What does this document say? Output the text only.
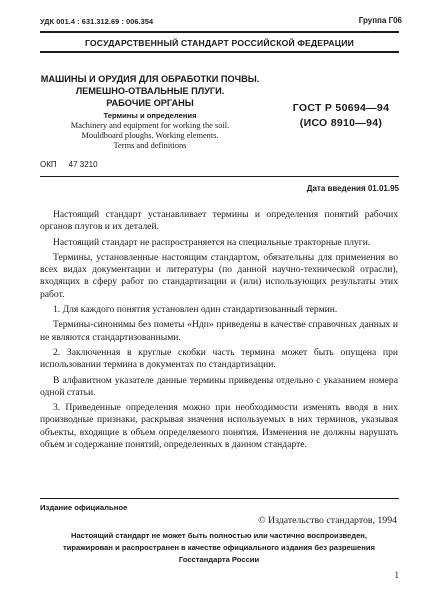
УДК 001.4 : 631.312.69 : 006.354	Группа Г06
ГОСУДАРСТВЕННЫЙ СТАНДАРТ РОССИЙСКОЙ ФЕДЕРАЦИИ
МАШИНЫ И ОРУДИЯ ДЛЯ ОБРАБОТКИ ПОЧВЫ.
ЛЕМЕШНО-ОТВАЛЬНЫЕ ПЛУГИ.
РАБОЧИЕ ОРГАНЫ
Термины и определения
Machinery and equipment for working the soil.
Mouldboard ploughs. Working elements.
Terms and definitions
ГОСТ Р 50694—94
(ИСО 8910—94)
ОКП 47 3210
Дата введения 01.01.95

Настоящий стандарт устанавливает термины и определения понятий рабочих органов плугов и их деталей.

Настоящий стандарт не распространяется на специальные тракторные плуги.

Термины, установленные настоящим стандартом, обязательны для применения во всех видах документации и литературы (по данной научно-технической отрасли), входящих в сферу работ по стандартизации и (или) использующих результаты этих работ.

1. Для каждого понятия установлен один стандартизованный термин.

Термины-синонимы без пометы «Ндп» приведены в качестве справочных данных и не являются стандартизованными.

2. Заключенная в круглые скобки часть термина может быть опущена при использовании термина в документах по стандартизации.

В алфавитном указателе данные термины приведены отдельно с указанием номера одной статьи.

3. Приведенные определения можно при необходимости изменять вводя в них производные признаки, раскрывая значения используемых в них терминов, указывая объекты, входящие в объем определяемого понятия. Изменения не должны нарушать объем и содержание понятий, определенных в данном стандарте.

Издание официальное
© Издательство стандартов, 1994
Настоящий стандарт не может быть полностью или частично воспроизведен,
тиражирован и распространен в качестве официального издания без разрешения
Госстандарта России
1
